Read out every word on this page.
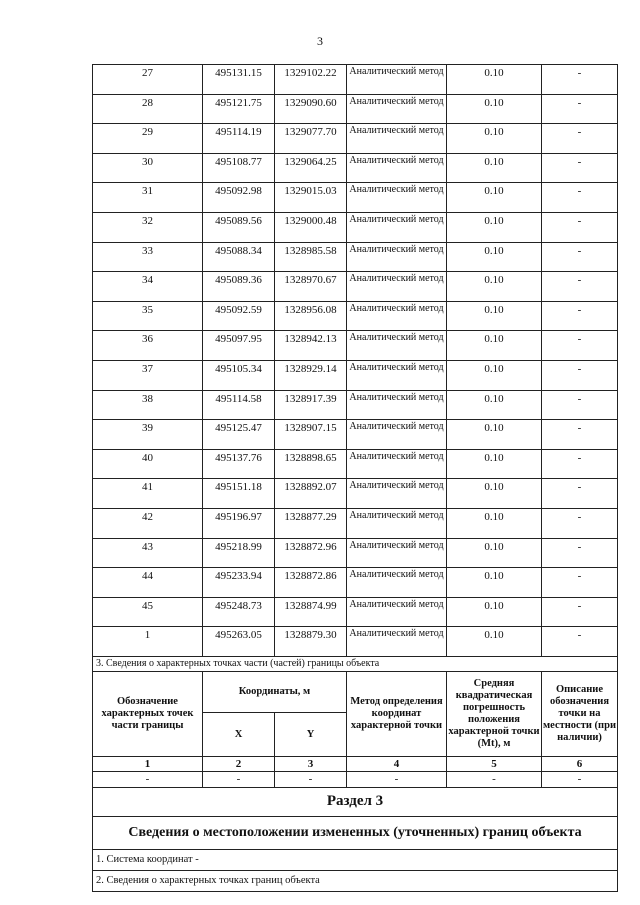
3
27	495131.15	1329102.22	Аналитический метод	0.10	-
28	495121.75	1329090.60	Аналитический метод	0.10	-
29	495114.19	1329077.70	Аналитический метод	0.10	-
30	495108.77	1329064.25	Аналитический метод	0.10	-
31	495092.98	1329015.03	Аналитический метод	0.10	-
32	495089.56	1329000.48	Аналитический метод	0.10	-
33	495088.34	1328985.58	Аналитический метод	0.10	-
34	495089.36	1328970.67	Аналитический метод	0.10	-
35	495092.59	1328956.08	Аналитический метод	0.10	-
36	495097.95	1328942.13	Аналитический метод	0.10	-
37	495105.34	1328929.14	Аналитический метод	0.10	-
38	495114.58	1328917.39	Аналитический метод	0.10	-
39	495125.47	1328907.15	Аналитический метод	0.10	-
40	495137.76	1328898.65	Аналитический метод	0.10	-
41	495151.18	1328892.07	Аналитический метод	0.10	-
42	495196.97	1328877.29	Аналитический метод	0.10	-
43	495218.99	1328872.96	Аналитический метод	0.10	-
44	495233.94	1328872.86	Аналитический метод	0.10	-
45	495248.73	1328874.99	Аналитический метод	0.10	-
1	495263.05	1328879.30	Аналитический метод	0.10	-
3. Сведения о характерных точках части (частей) границы объекта					
Обозначение характерных точек части границы	Координаты, м		Метод определения координат характерной точки	Средняя квадратическая погрешность положения характерной точки (Mt), м	Описание обозначения точки на местности (при наличии)
	X	Y			
1	2	3	4	5	6
-	-	-	-	-	-
Раздел 3					
Сведения о местоположении измененных (уточненных) границ объекта					
1. Система координат -					
2. Сведения о характерных точках границ объекта					
